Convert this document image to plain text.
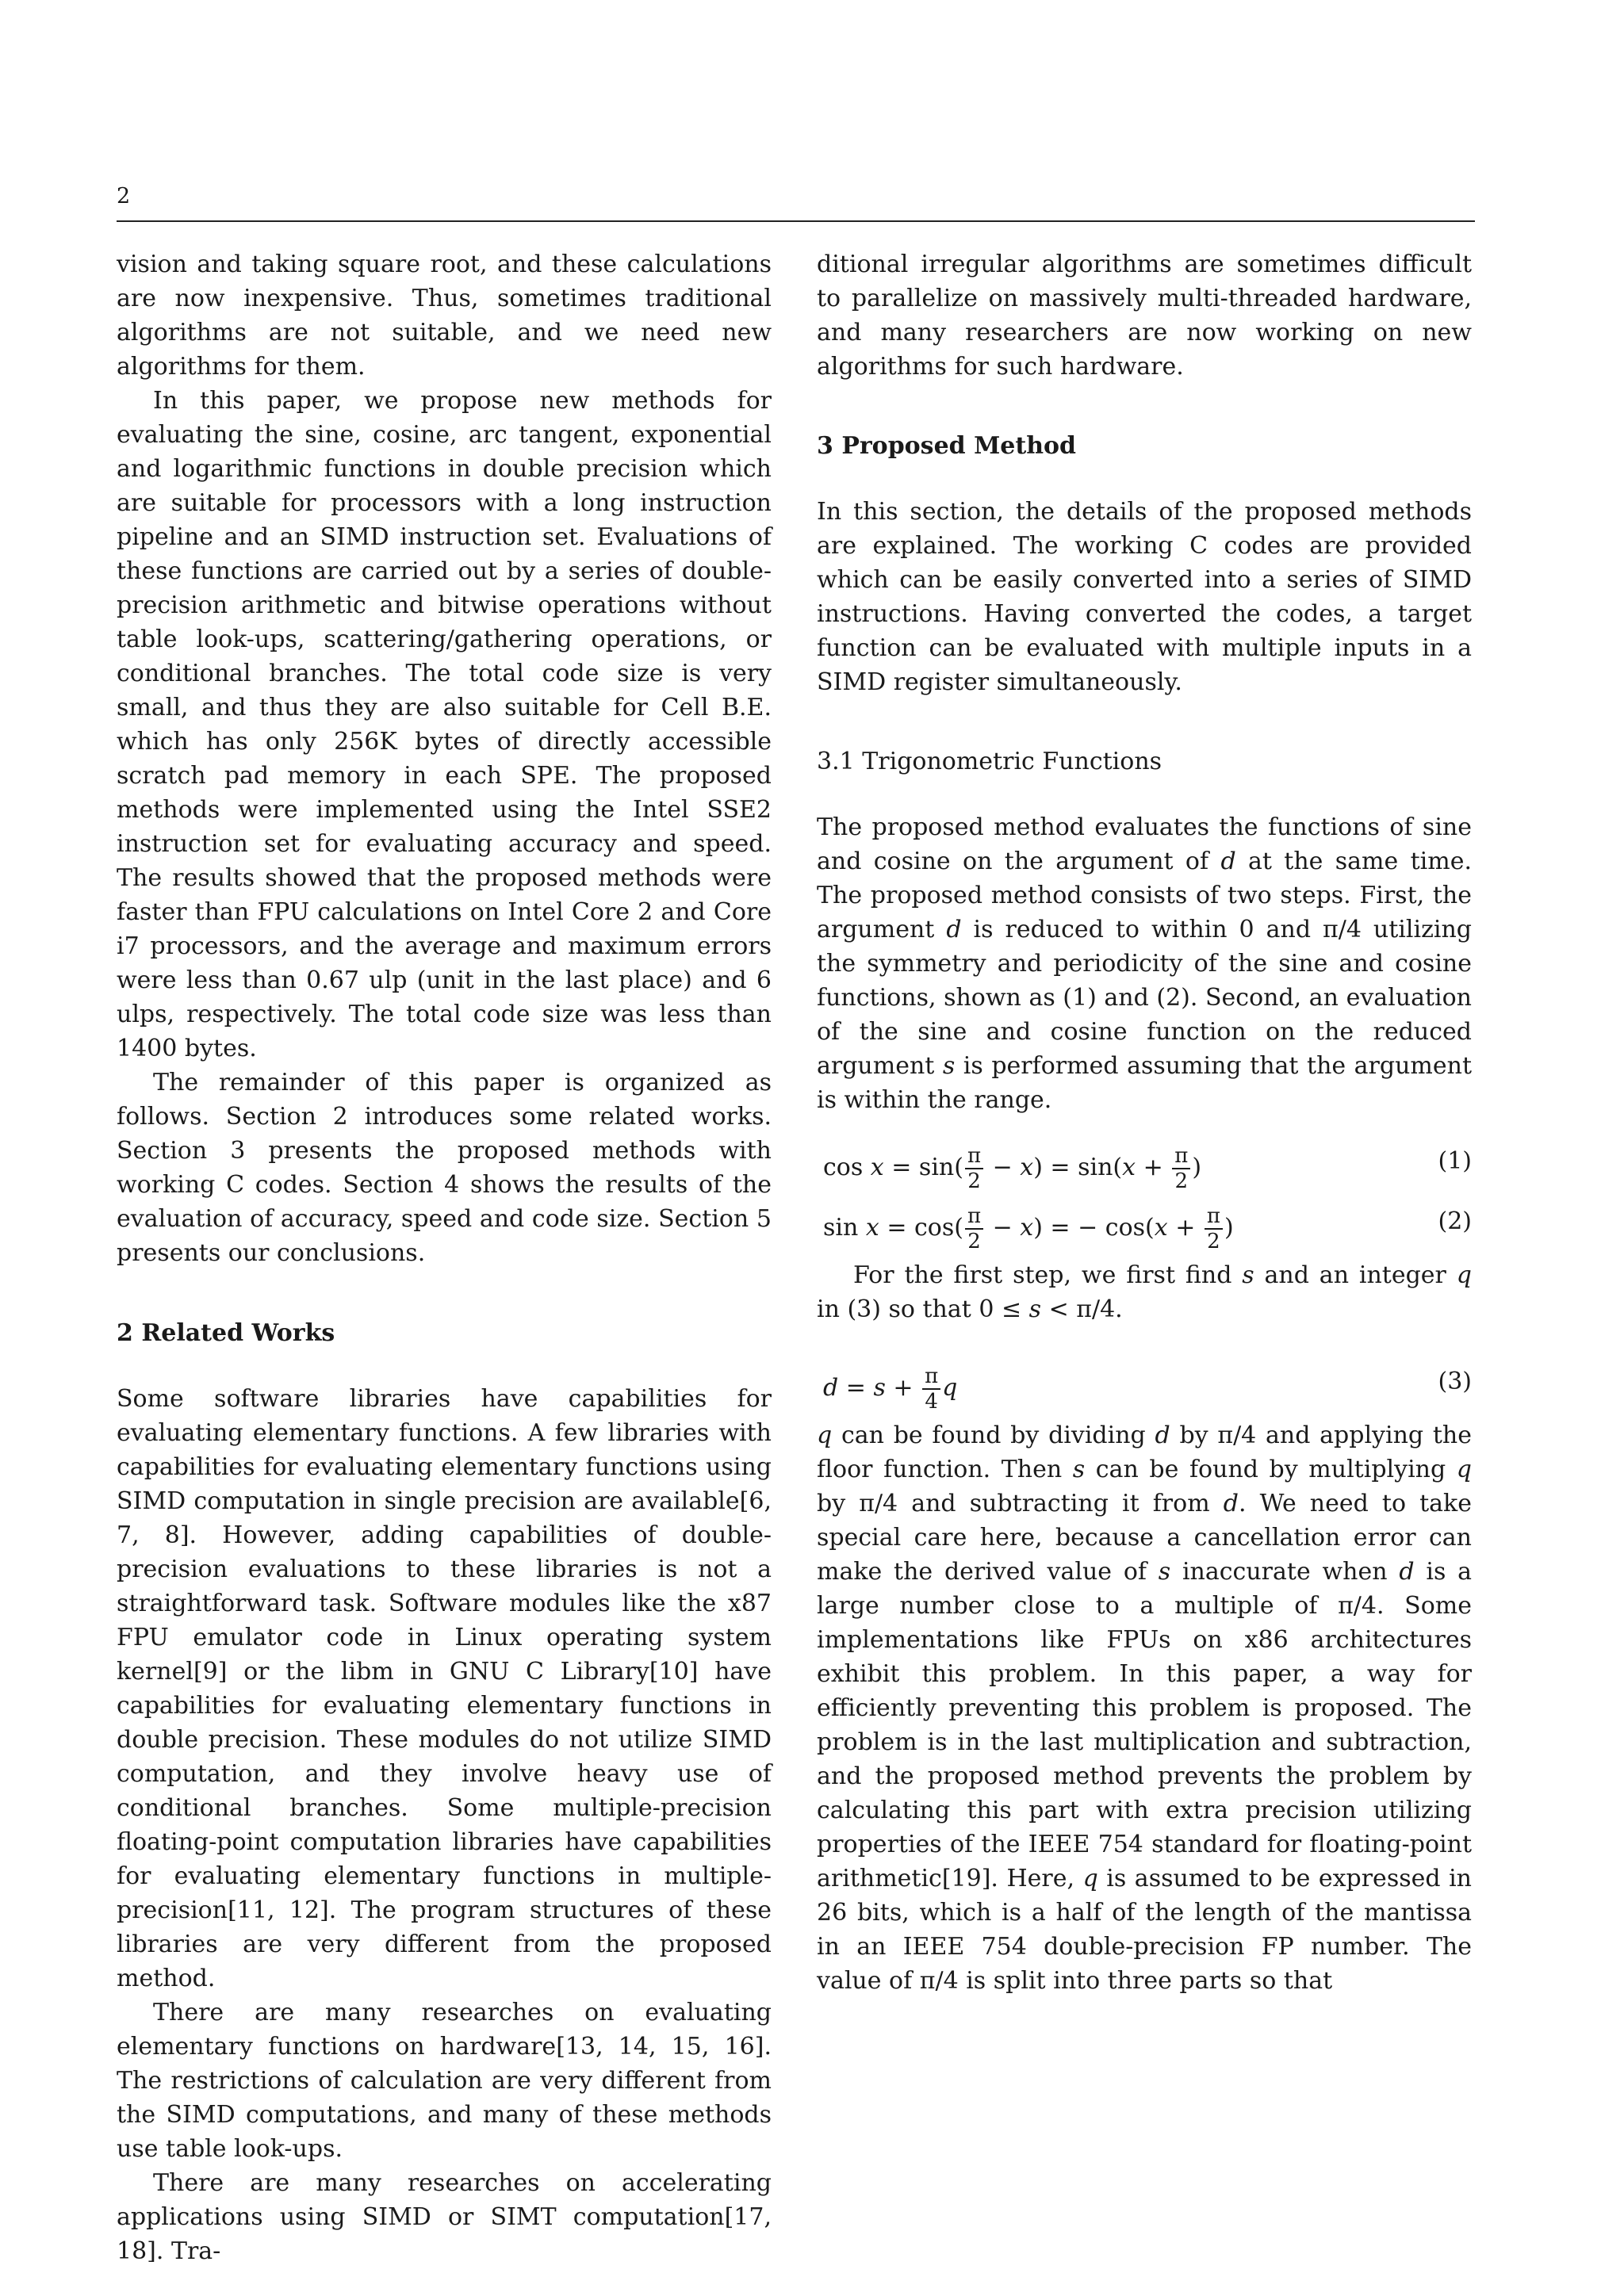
2

vision and taking square root, and these calculations are now inexpensive. Thus, sometimes traditional algorithms are not suitable, and we need new algorithms for them.

In this paper, we propose new methods for evaluating the sine, cosine, arc tangent, exponential and logarithmic functions in double precision which are suitable for processors with a long instruction pipeline and an SIMD instruction set. Evaluations of these functions are carried out by a series of double-precision arithmetic and bitwise operations without table look-ups, scattering/gathering operations, or conditional branches. The total code size is very small, and thus they are also suitable for Cell B.E. which has only 256K bytes of directly accessible scratch pad memory in each SPE. The proposed methods were implemented using the Intel SSE2 instruction set for evaluating accuracy and speed. The results showed that the proposed methods were faster than FPU calculations on Intel Core 2 and Core i7 processors, and the average and maximum errors were less than 0.67 ulp (unit in the last place) and 6 ulps, respectively. The total code size was less than 1400 bytes.

The remainder of this paper is organized as follows. Section 2 introduces some related works. Section 3 presents the proposed methods with working C codes. Section 4 shows the results of the evaluation of accuracy, speed and code size. Section 5 presents our conclusions.

2 Related Works

Some software libraries have capabilities for evaluating elementary functions. A few libraries with capabilities for evaluating elementary functions using SIMD computation in single precision are available[6, 7, 8]. However, adding capabilities of double-precision evaluations to these libraries is not a straightforward task. Software modules like the x87 FPU emulator code in Linux operating system kernel[9] or the libm in GNU C Library[10] have capabilities for evaluating elementary functions in double precision. These modules do not utilize SIMD computation, and they involve heavy use of conditional branches. Some multiple-precision floating-point computation libraries have capabilities for evaluating elementary functions in multiple-precision[11, 12]. The program structures of these libraries are very different from the proposed method.

There are many researches on evaluating elementary functions on hardware[13, 14, 15, 16]. The restrictions of calculation are very different from the SIMD computations, and many of these methods use table look-ups.

There are many researches on accelerating applications using SIMD or SIMT computation[17, 18]. Tra-

ditional irregular algorithms are sometimes difficult to parallelize on massively multi-threaded hardware, and many researchers are now working on new algorithms for such hardware.

3 Proposed Method

In this section, the details of the proposed methods are explained. The working C codes are provided which can be easily converted into a series of SIMD instructions. Having converted the codes, a target function can be evaluated with multiple inputs in a SIMD register simultaneously.

3.1 Trigonometric Functions

The proposed method evaluates the functions of sine and cosine on the argument of d at the same time. The proposed method consists of two steps. First, the argument d is reduced to within 0 and π/4 utilizing the symmetry and periodicity of the sine and cosine functions, shown as (1) and (2). Second, an evaluation of the sine and cosine function on the reduced argument s is performed assuming that the argument is within the range.

$\cos x = \sin( \frac{\pi}{2} - x) = \sin(x + \frac{\pi}{2}$ )	(1)
$\sin x = \cos( \frac{\pi}{2} - x)$ = − $\cos(x + \frac{\pi}{2}$ )	(2)

For the first step, we first find s and an integer q in (3) so that 0 ≤ s < π/4.

$d = s + \frac{\pi}{4}$ q	(3)

q can be found by dividing d by π/4 and applying the floor function. Then s can be found by multiplying q by π/4 and subtracting it from d. We need to take special care here, because a cancellation error can make the derived value of s inaccurate when d is a large number close to a multiple of π/4. Some implementations like FPUs on x86 architectures exhibit this problem. In this paper, a way for efficiently preventing this problem is proposed. The problem is in the last multiplication and subtraction, and the proposed method prevents the problem by calculating this part with extra precision utilizing properties of the IEEE 754 standard for floating-point arithmetic[19]. Here, q is assumed to be expressed in 26 bits, which is a half of the length of the mantissa in an IEEE 754 double-precision FP number. The value of π/4 is split into three parts so that
